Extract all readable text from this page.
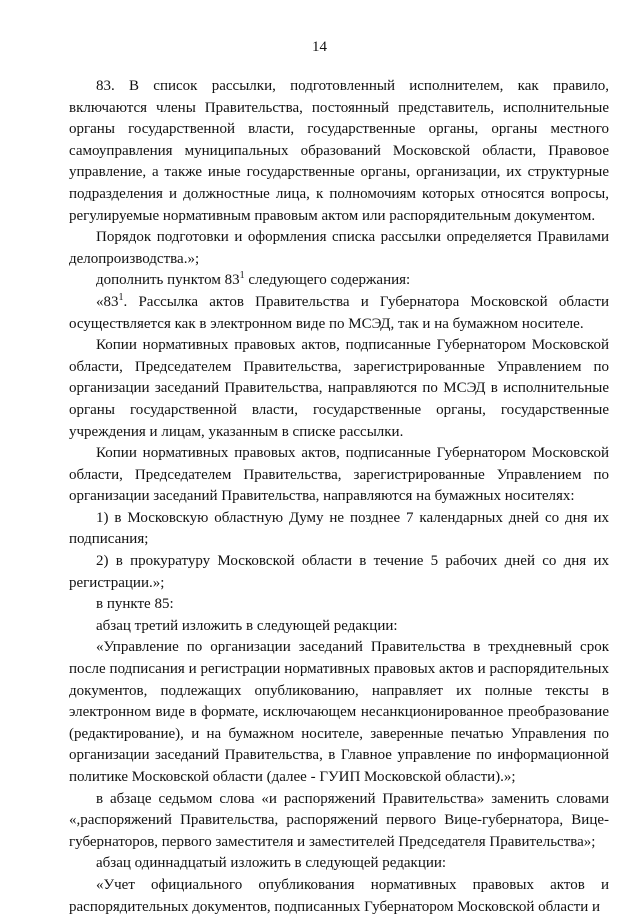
14

83. В список рассылки, подготовленный исполнителем, как правило, включаются члены Правительства, постоянный представитель, исполнительные органы государственной власти, государственные органы, органы местного самоуправления муниципальных образований Московской области, Правовое управление, а также иные государственные органы, организации, их структурные подразделения и должностные лица, к полномочиям которых относятся вопросы, регулируемые нормативным правовым актом или распорядительным документом.

Порядок подготовки и оформления списка рассылки определяется Правилами делопроизводства.»;

дополнить пунктом $83^1$ следующего содержания:

«$83^1$. Рассылка актов Правительства и Губернатора Московской области осуществляется как в электронном виде по МСЭД, так и на бумажном носителе.

Копии нормативных правовых актов, подписанные Губернатором Московской области, Председателем Правительства, зарегистрированные Управлением по организации заседаний Правительства, направляются по МСЭД в исполнительные органы государственной власти, государственные органы, государственные учреждения и лицам, указанным в списке рассылки.

Копии нормативных правовых актов, подписанные Губернатором Московской области, Председателем Правительства, зарегистрированные Управлением по организации заседаний Правительства, направляются на бумажных носителях:

1) в Московскую областную Думу не позднее 7 календарных дней со дня их подписания;

2) в прокуратуру Московской области в течение 5 рабочих дней со дня их регистрации.»;

в пункте 85:

абзац третий изложить в следующей редакции:

«Управление по организации заседаний Правительства в трехдневный срок после подписания и регистрации нормативных правовых актов и распорядительных документов, подлежащих опубликованию, направляет их полные тексты в электронном виде в формате, исключающем несанкционированное преобразование (редактирование), и на бумажном носителе, заверенные печатью Управления по организации заседаний Правительства, в Главное управление по информационной политике Московской области (далее - ГУИП Московской области).»;

в абзаце седьмом слова «и распоряжений Правительства» заменить словами «,распоряжений Правительства, распоряжений первого Вице-губернатора, Вице-губернаторов, первого заместителя и заместителей Председателя Правительства»;

абзац одиннадцатый изложить в следующей редакции:

«Учет официального опубликования нормативных правовых актов и распорядительных документов, подписанных Губернатором Московской области и
